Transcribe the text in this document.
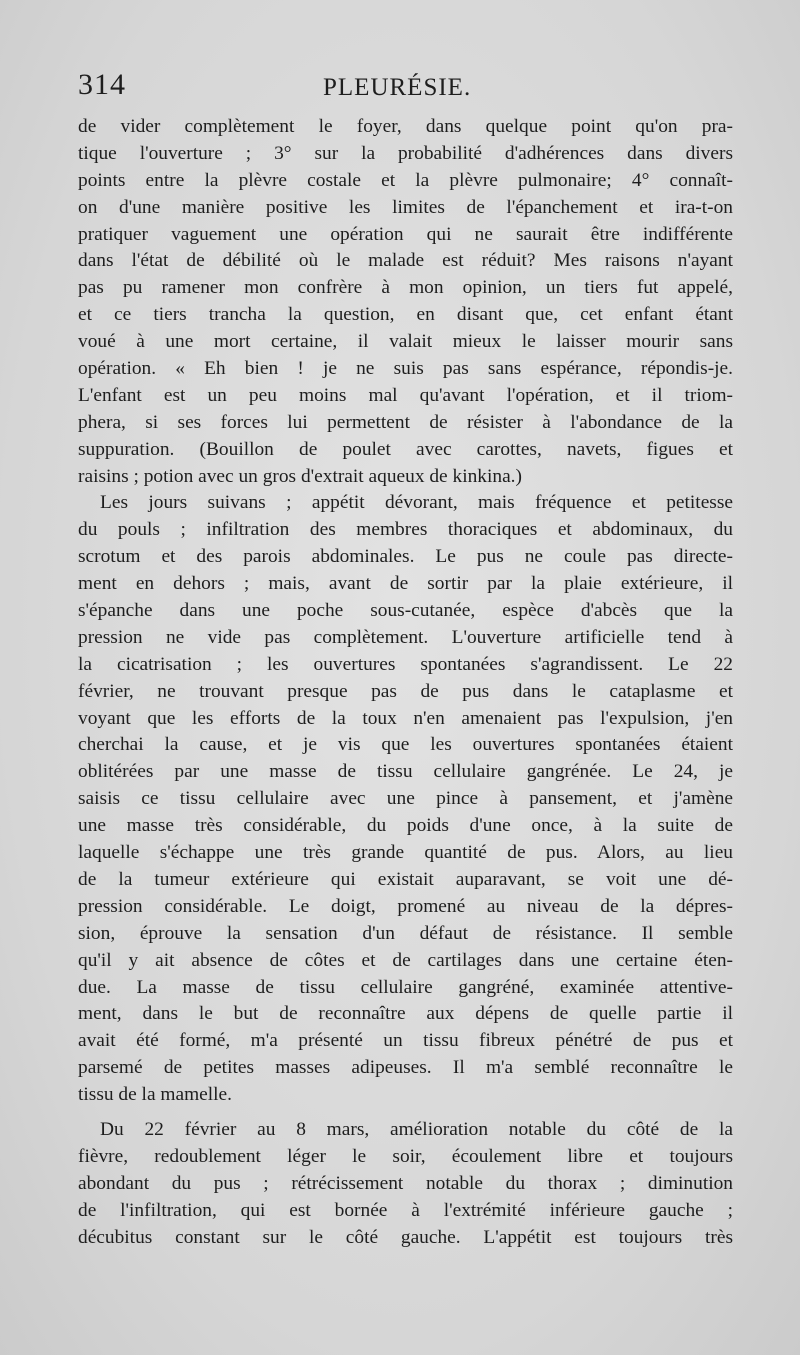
314	PLEURÉSIE.
de vider complètement le foyer, dans quelque point qu'on pra-
tique l'ouverture ; 3° sur la probabilité d'adhérences dans divers
points entre la plèvre costale et la plèvre pulmonaire; 4° connaît-
on d'une manière positive les limites de l'épanchement et ira-t-on
pratiquer vaguement une opération qui ne saurait être indifférente
dans l'état de débilité où le malade est réduit? Mes raisons n'ayant
pas pu ramener mon confrère à mon opinion, un tiers fut appelé,
et ce tiers trancha la question, en disant que, cet enfant étant
voué à une mort certaine, il valait mieux le laisser mourir sans
opération. « Eh bien ! je ne suis pas sans espérance, répondis-je.
L'enfant est un peu moins mal qu'avant l'opération, et il triom-
phera, si ses forces lui permettent de résister à l'abondance de la
suppuration. (Bouillon de poulet avec carottes, navets, figues et
raisins ; potion avec un gros d'extrait aqueux de kinkina.)
Les jours suivans ; appétit dévorant, mais fréquence et petitesse
du pouls ; infiltration des membres thoraciques et abdominaux, du
scrotum et des parois abdominales. Le pus ne coule pas directe-
ment en dehors ; mais, avant de sortir par la plaie extérieure, il
s'épanche dans une poche sous-cutanée, espèce d'abcès que la
pression ne vide pas complètement. L'ouverture artificielle tend à
la cicatrisation ; les ouvertures spontanées s'agrandissent. Le 22
février, ne trouvant presque pas de pus dans le cataplasme et
voyant que les efforts de la toux n'en amenaient pas l'expulsion, j'en
cherchai la cause, et je vis que les ouvertures spontanées étaient
oblitérées par une masse de tissu cellulaire gangrénée. Le 24, je
saisis ce tissu cellulaire avec une pince à pansement, et j'amène
une masse très considérable, du poids d'une once, à la suite de
laquelle s'échappe une très grande quantité de pus. Alors, au lieu
de la tumeur extérieure qui existait auparavant, se voit une dé-
pression considérable. Le doigt, promené au niveau de la dépres-
sion, éprouve la sensation d'un défaut de résistance. Il semble
qu'il y ait absence de côtes et de cartilages dans une certaine éten-
due. La masse de tissu cellulaire gangréné, examinée attentive-
ment, dans le but de reconnaître aux dépens de quelle partie il
avait été formé, m'a présenté un tissu fibreux pénétré de pus et
parsemé de petites masses adipeuses. Il m'a semblé reconnaître le
tissu de la mamelle.
Du 22 février au 8 mars, amélioration notable du côté de la
fièvre, redoublement léger le soir, écoulement libre et toujours
abondant du pus ; rétrécissement notable du thorax ; diminution
de l'infiltration, qui est bornée à l'extrémité inférieure gauche ;
décubitus constant sur le côté gauche. L'appétit est toujours très
